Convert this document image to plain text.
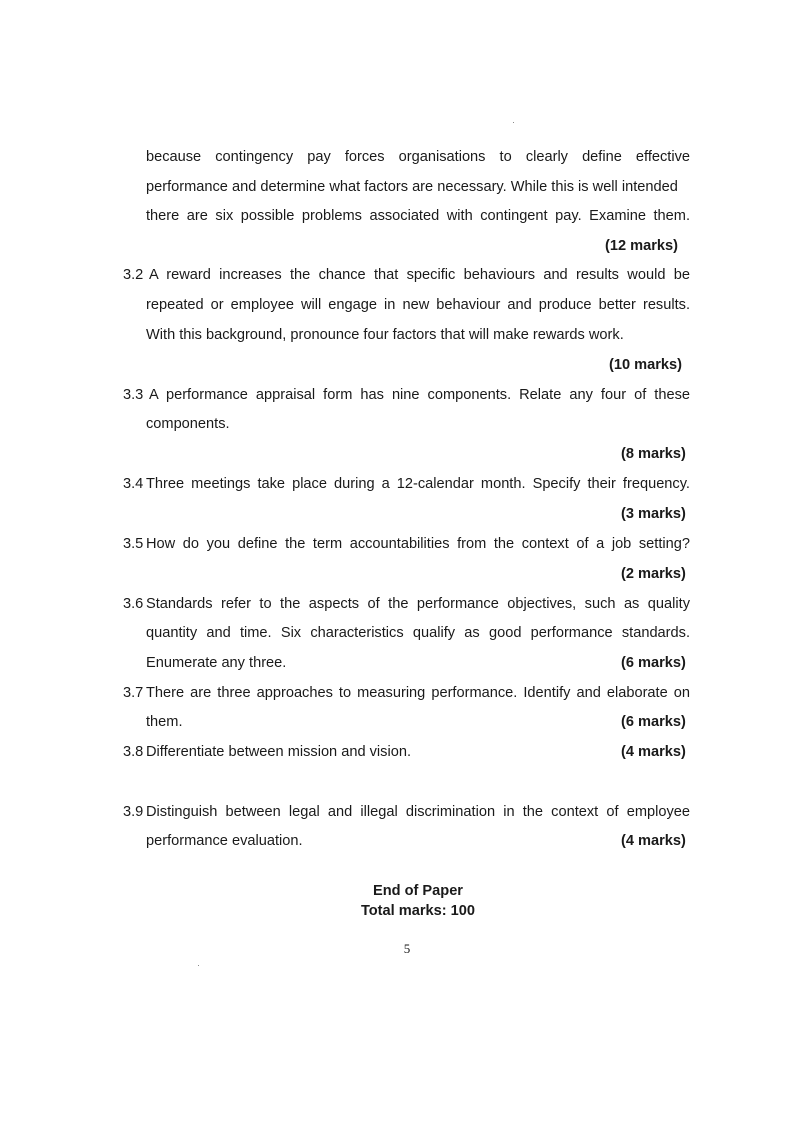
because contingency pay forces organisations to clearly define effective
performance and determine what factors are necessary. While this is well intended
there are six possible problems associated with contingent pay. Examine them.
(12 marks)
3.2 A reward increases the chance that specific behaviours and results would be
repeated or employee will engage in new behaviour and produce better results.
With this background, pronounce four factors that will make rewards work.
(10 marks)
3.3 A performance appraisal form has nine components. Relate any four of these
components.
(8 marks)
3.4 Three meetings take place during a 12-calendar month. Specify their frequency.
(3 marks)
3.5 How do you define the term accountabilities from the context of a job setting?
(2 marks)
3.6 Standards refer to the aspects of the performance objectives, such as quality
quantity and time. Six characteristics qualify as good performance standards.
Enumerate any three.	(6 marks)
3.7 There are three approaches to measuring performance. Identify and elaborate on
them.	(6 marks)
3.8 Differentiate between mission and vision.	(4 marks)
3.9 Distinguish between legal and illegal discrimination in the context of employee
performance evaluation.	(4 marks)
End of Paper
Total marks: 100
5
